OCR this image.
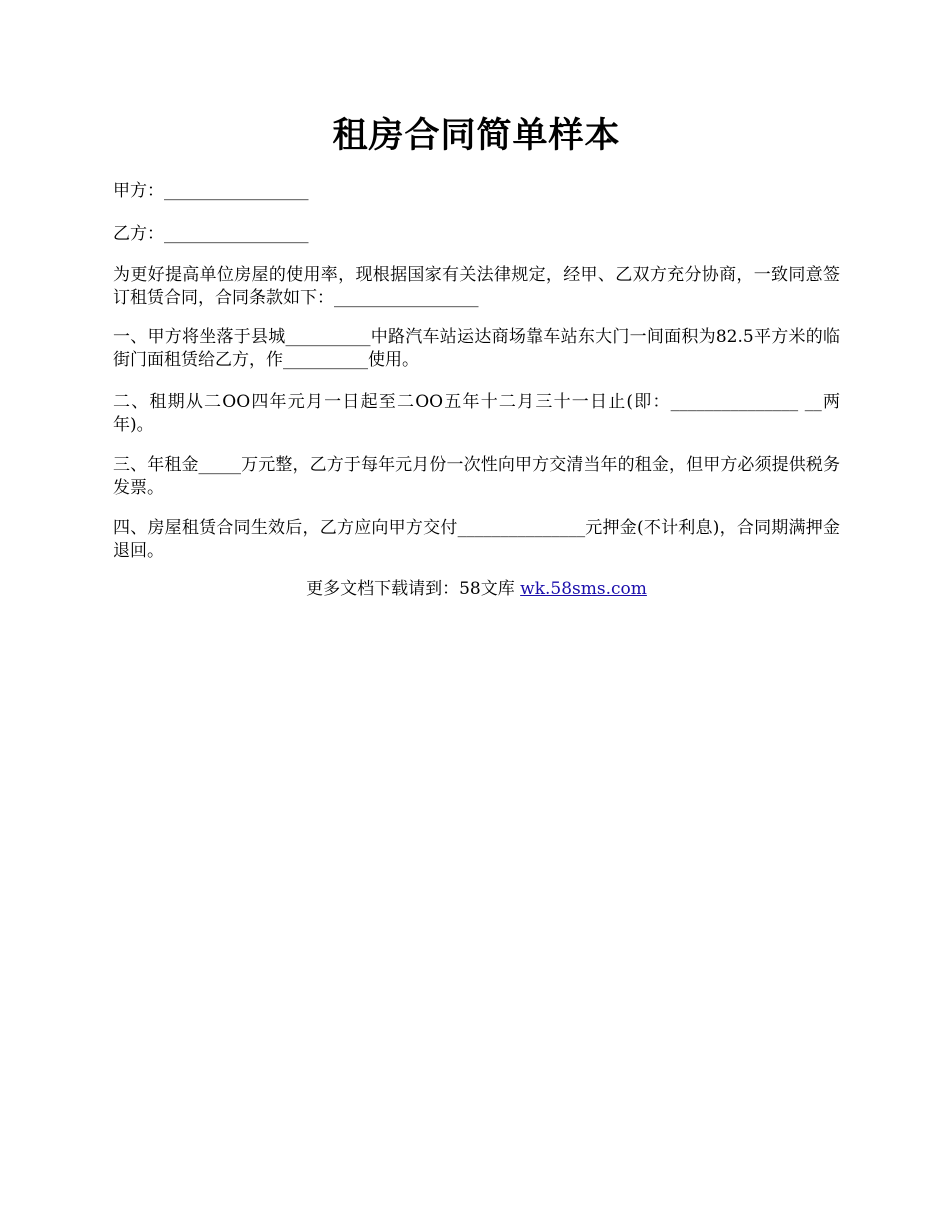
租房合同简单样本

甲方：_________________

乙方：_________________

为更好提高单位房屋的使用率，现根据国家有关法律规定，经甲、乙双方充分协商，一致同意签订租赁合同，合同条款如下：_________________

一、甲方将坐落于县城__________中路汽车站运达商场靠车站东大门一间面积为82.5平方米的临街门面租赁给乙方，作__________使用。

二、租期从二OO四年元月一日起至二OO五年十二月三十一日止(即：_______________ __两年)。

三、年租金_____万元整，乙方于每年元月份一次性向甲方交清当年的租金，但甲方必须提供税务发票。

四、房屋租赁合同生效后，乙方应向甲方交付_______________元押金(不计利息)，合同期满押金退回。

更多文档下载请到：58文库 wk.58sms.com
